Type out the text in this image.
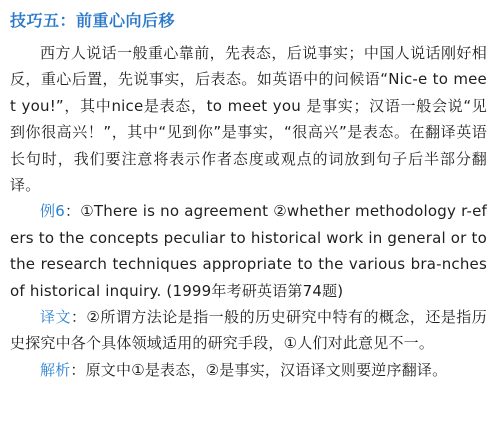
技巧五：前重心向后移

西方人说话一般重心靠前，先表态，后说事实；中国人说话刚好相反，重心后置，先说事实，后表态。如英语中的问候语“Nic-e to meet you!”，其中nice是表态，to meet you 是事实；汉语一般会说“见到你很高兴！”，其中“见到你”是事实，“很高兴”是表态。在翻译英语长句时，我们要注意将表示作者态度或观点的词放到句子后半部分翻译。

例6：①There is no agreement ②whether methodology r-efers to the concepts peculiar to historical work in general or to the research techniques appropriate to the various bra-nches of historical inquiry. (1999年考研英语第74题)

译文：②所谓方法论是指一般的历史研究中特有的概念，还是指历史探究中各个具体领域适用的研究手段，①人们对此意见不一。

解析：原文中①是表态，②是事实，汉语译文则要逆序翻译。
